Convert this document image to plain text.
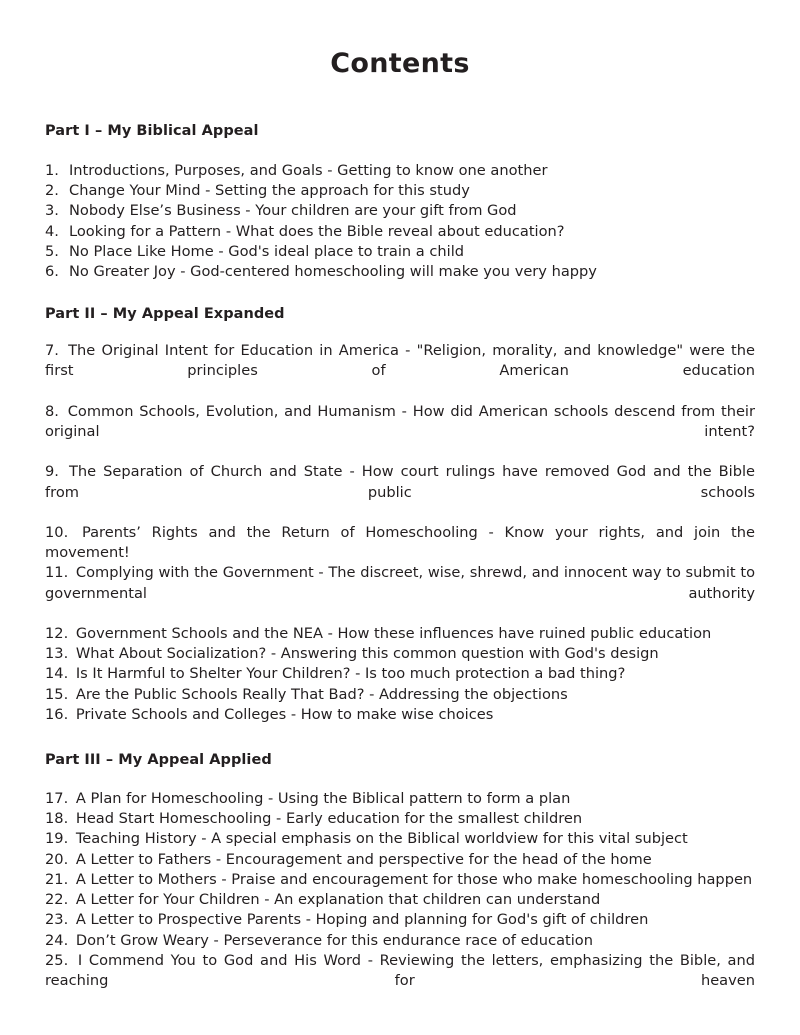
Contents
Part I – My Biblical Appeal
1. Introductions, Purposes, and Goals - Getting to know one another
2. Change Your Mind - Setting the approach for this study
3. Nobody Else’s Business - Your children are your gift from God
4. Looking for a Pattern - What does the Bible reveal about education?
5. No Place Like Home - God's ideal place to train a child
6. No Greater Joy - God-centered homeschooling will make you very happy
Part II – My Appeal Expanded
7. The Original Intent for Education in America - "Religion, morality, and knowledge" were the first principles of American education
8. Common Schools, Evolution, and Humanism - How did American schools descend from their original intent?
9. The Separation of Church and State - How court rulings have removed God and the Bible from public schools
10. Parents’ Rights and the Return of Homeschooling - Know your rights, and join the movement!
11. Complying with the Government - The discreet, wise, shrewd, and innocent way to submit to governmental authority
12. Government Schools and the NEA - How these influences have ruined public education
13. What About Socialization? - Answering this common question with God's design
14. Is It Harmful to Shelter Your Children? - Is too much protection a bad thing?
15. Are the Public Schools Really That Bad? - Addressing the objections
16. Private Schools and Colleges - How to make wise choices
Part III – My Appeal Applied
17. A Plan for Homeschooling - Using the Biblical pattern to form a plan
18. Head Start Homeschooling - Early education for the smallest children
19. Teaching History - A special emphasis on the Biblical worldview for this vital subject
20. A Letter to Fathers - Encouragement and perspective for the head of the home
21. A Letter to Mothers - Praise and encouragement for those who make homeschooling happen
22. A Letter for Your Children - An explanation that children can understand
23. A Letter to Prospective Parents - Hoping and planning for God's gift of children
24. Don’t Grow Weary - Perseverance for this endurance race of education
25. I Commend You to God and His Word - Reviewing the letters, emphasizing the Bible, and reaching for heaven
